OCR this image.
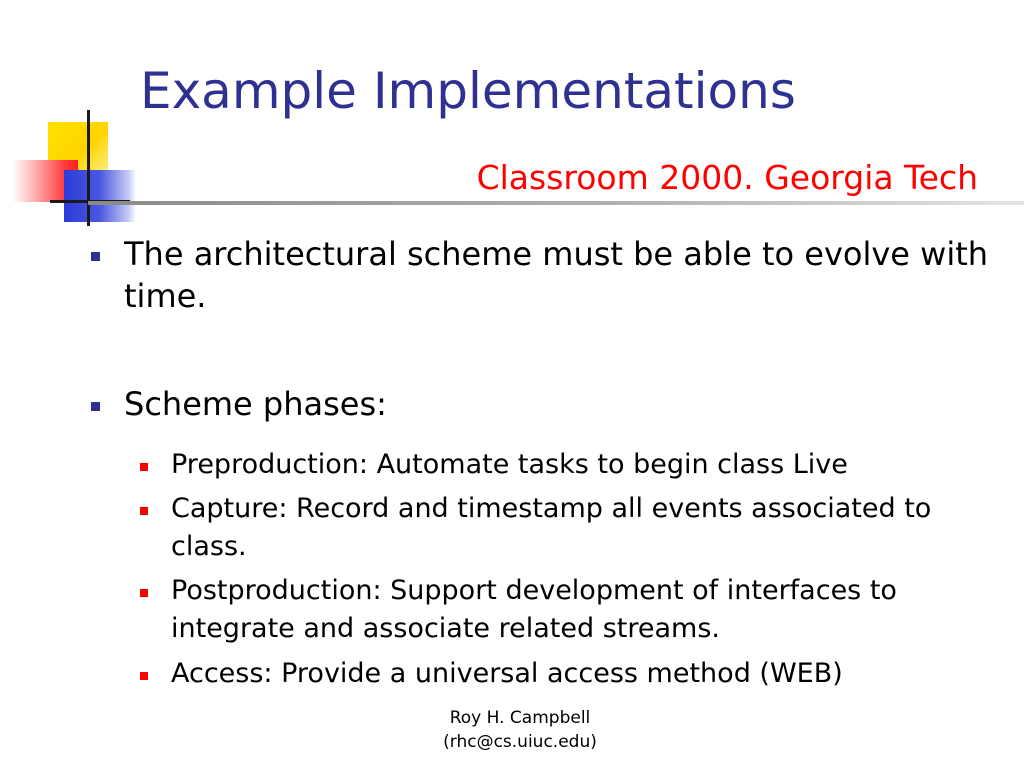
Example Implementations
Classroom 2000. Georgia Tech
The architectural scheme must be able to evolve with time.
Scheme phases:
Preproduction: Automate tasks to begin class Live
Capture: Record and timestamp all events associated to class.
Postproduction: Support development of interfaces to integrate and associate related streams.
Access: Provide a universal access method (WEB)
Roy H. Campbell
(rhc@cs.uiuc.edu)
